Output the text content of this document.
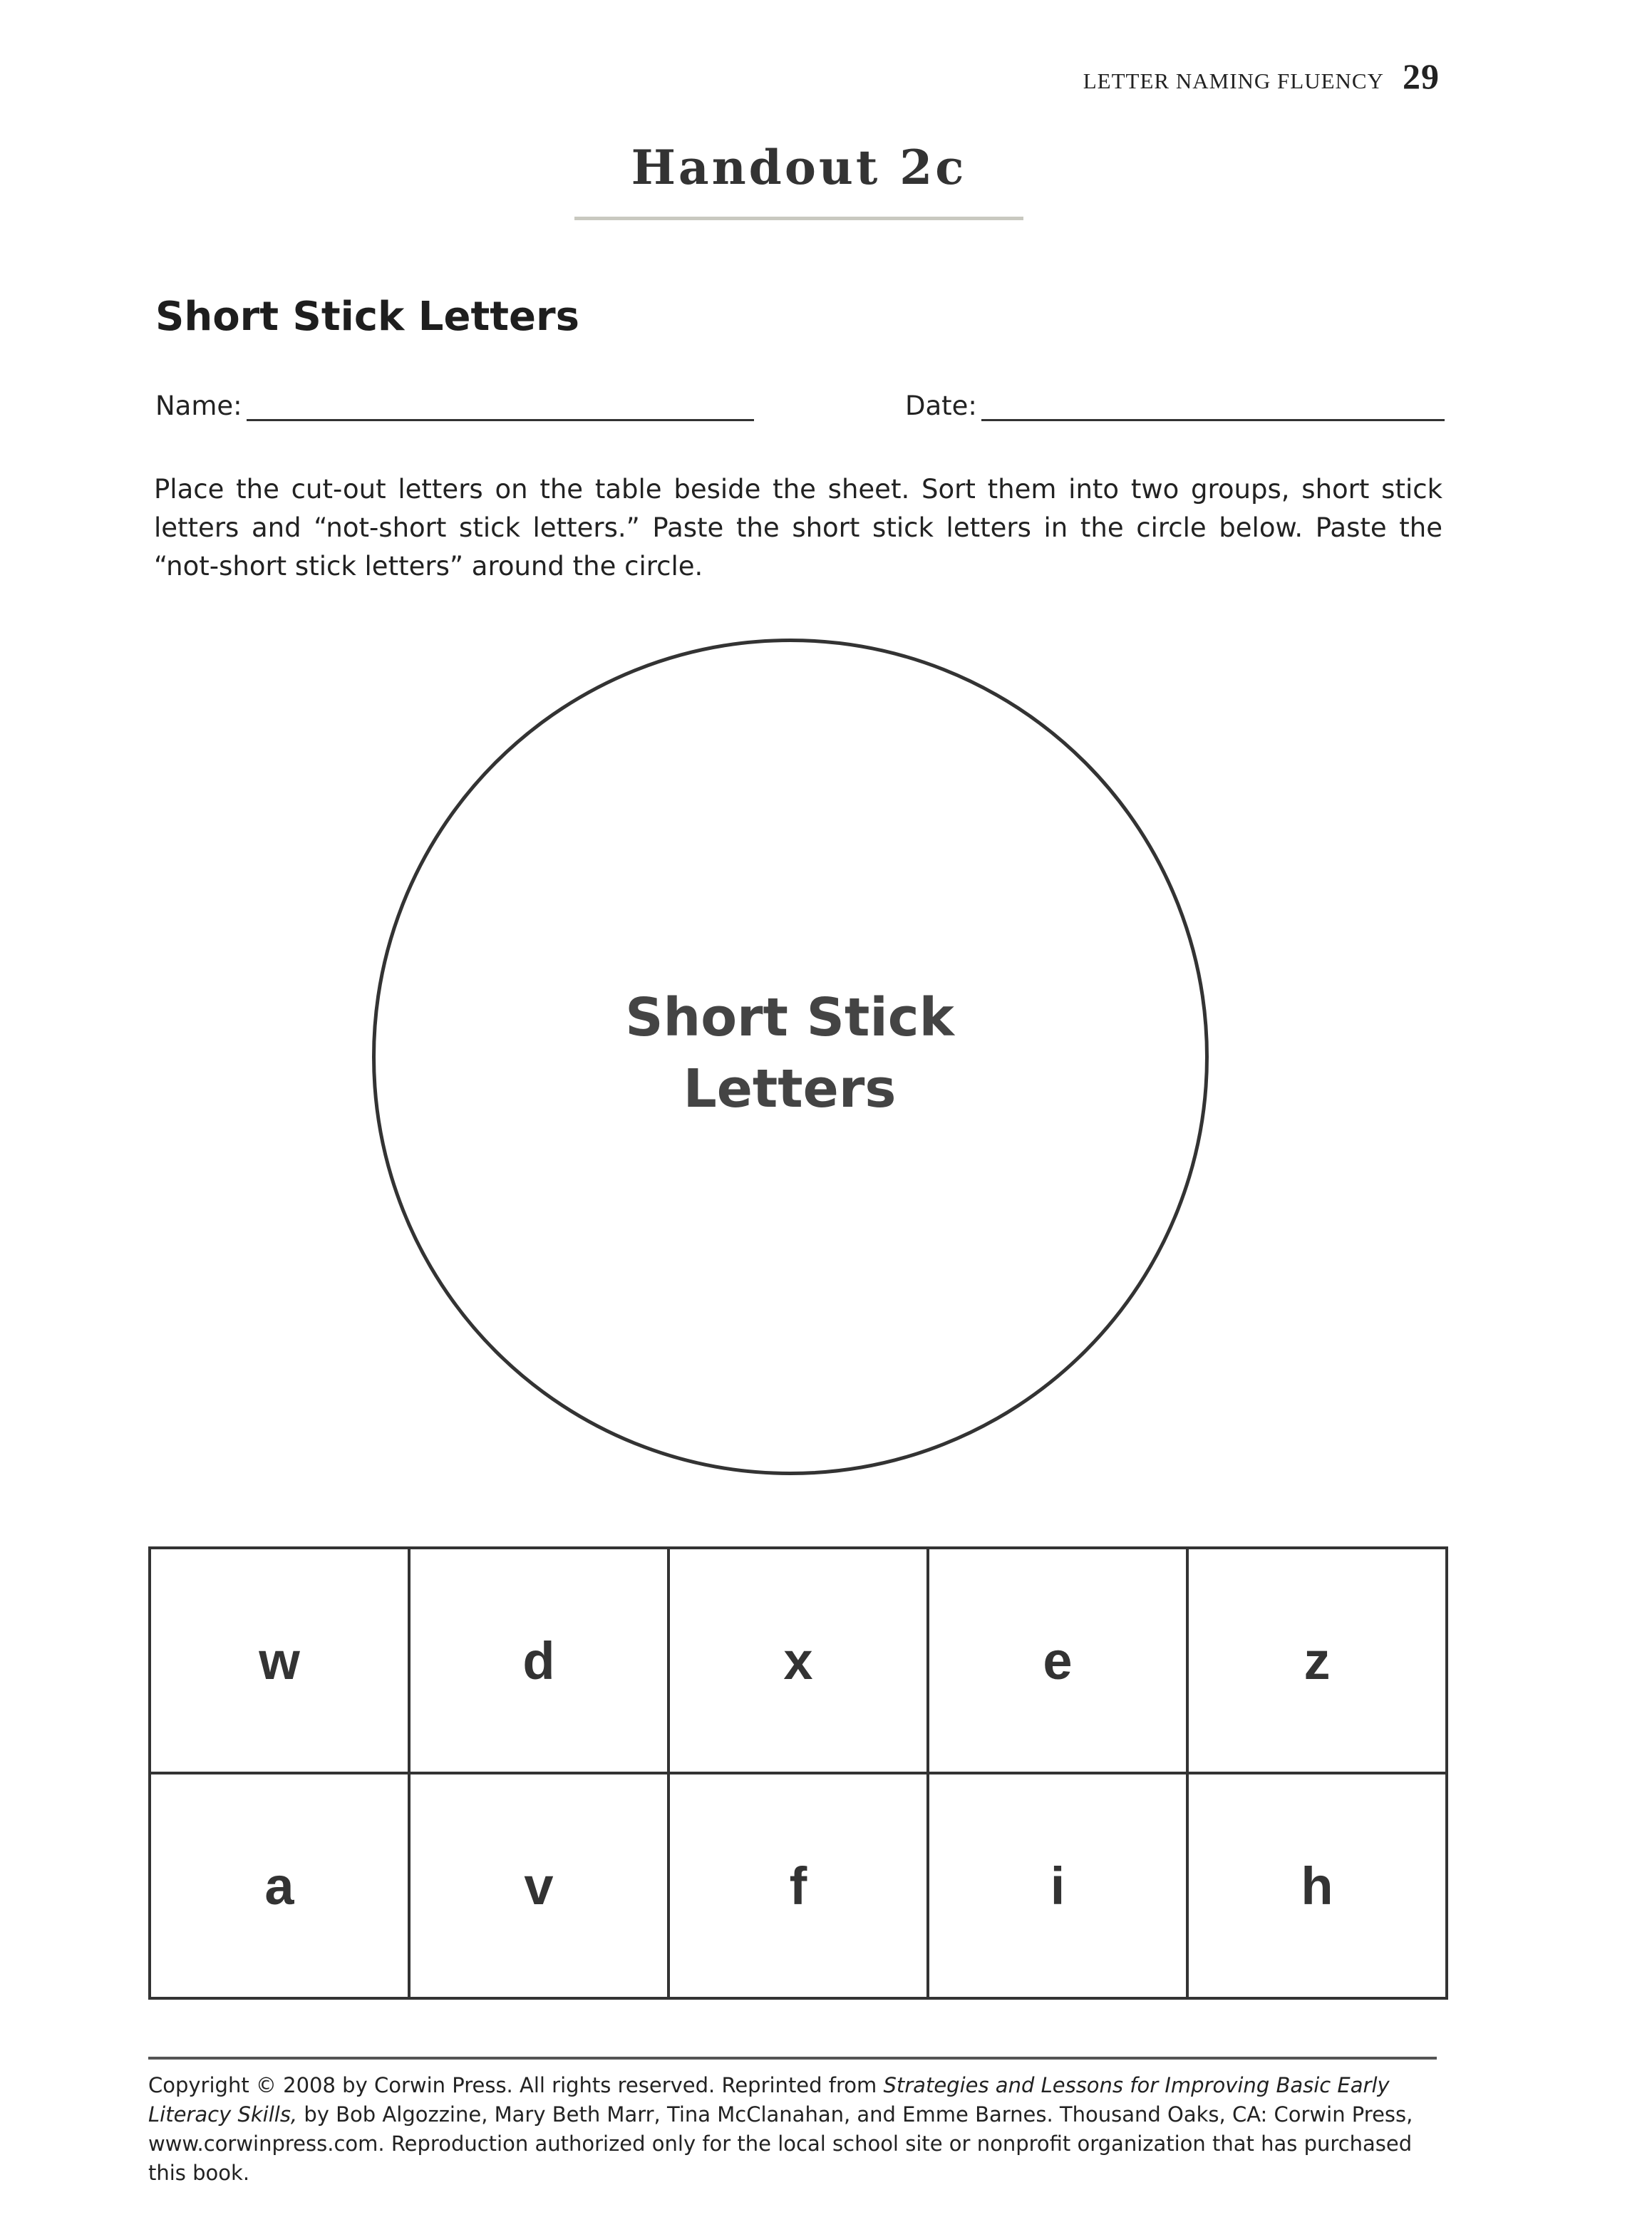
LETTER NAMING FLUENCY 29
Handout 2c
Short Stick Letters
Name:	Date:
Place the cut-out letters on the table beside the sheet. Sort them into two groups, short stick letters and “not-short stick letters.” Paste the short stick letters in the circle below. Paste the “not-short stick letters” around the circle.
Short Stick
Letters
w	d	x	e	z
a	v	f	i	h
Copyright © 2008 by Corwin Press. All rights reserved. Reprinted from Strategies and Lessons for Improving Basic Early Literacy Skills, by Bob Algozzine, Mary Beth Marr, Tina McClanahan, and Emme Barnes. Thousand Oaks, CA: Corwin Press, www.corwinpress.com. Reproduction authorized only for the local school site or nonprofit organization that has purchased this book.
